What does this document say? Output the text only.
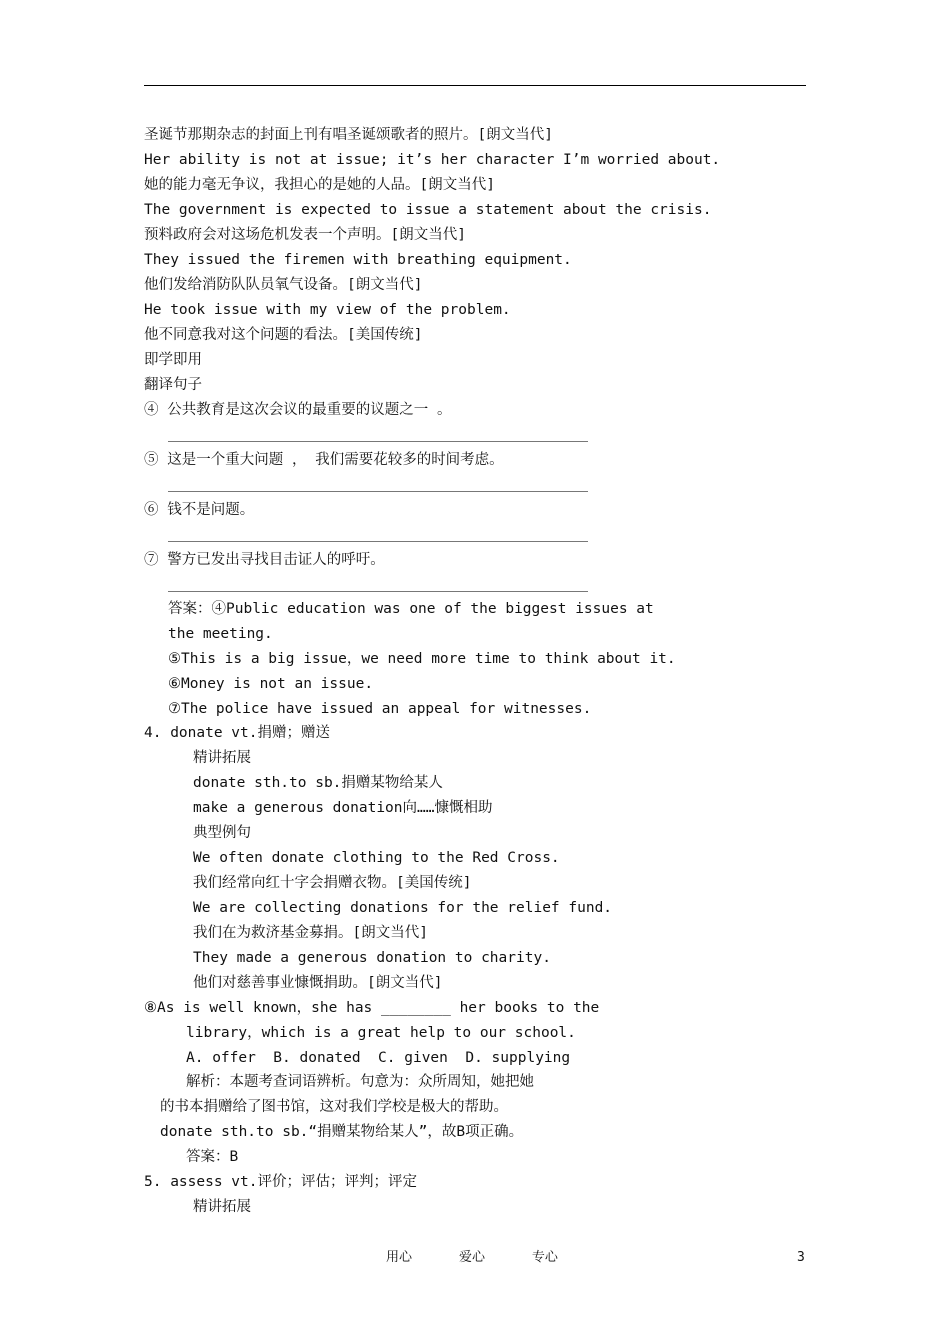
圣诞节那期杂志的封面上刊有唱圣诞颂歌者的照片。[朗文当代]
Her ability is not at issue; it’s her character I’m worried about.
她的能力毫无争议，我担心的是她的人品。[朗文当代]
The government is expected to issue a statement about the crisis.
预料政府会对这场危机发表一个声明。[朗文当代]
They issued the firemen with breathing equipment.
他们发给消防队队员氧气设备。[朗文当代]
He took issue with my view of the problem.
他不同意我对这个问题的看法。[美国传统]
即学即用
翻译句子
④ 公共教育是这次会议的最重要的议题之一 。
⑤ 这是一个重大问题 ， 我们需要花较多的时间考虑。
⑥ 钱不是问题。
⑦ 警方已发出寻找目击证人的呼吁。
答案：④Public education was one of the biggest issues at
the meeting.
⑤This is a big issue，we need more time to think about it.
⑥Money is not an issue.
⑦The police have issued an appeal for witnesses.
4. donate vt.捐赠；赠送
精讲拓展
donate sth.to sb.捐赠某物给某人
make a generous donation向……慷慨相助
典型例句
We often donate clothing to the Red Cross.
我们经常向红十字会捐赠衣物。[美国传统]
We are collecting donations for the relief fund.
我们在为救济基金募捐。[朗文当代]
They made a generous donation to charity.
他们对慈善事业慷慨捐助。[朗文当代]
⑧As is well known，she has ________ her books to the
library，which is a great help to our school.
A. offer  B. donated  C. given  D. supplying
解析：本题考查词语辨析。句意为：众所周知，她把她
的书本捐赠给了图书馆，这对我们学校是极大的帮助。
donate sth.to sb.“捐赠某物给某人”，故B项正确。
答案：B
5. assess vt.评价；评估；评判；评定
精讲拓展
用心      爱心      专心	3
